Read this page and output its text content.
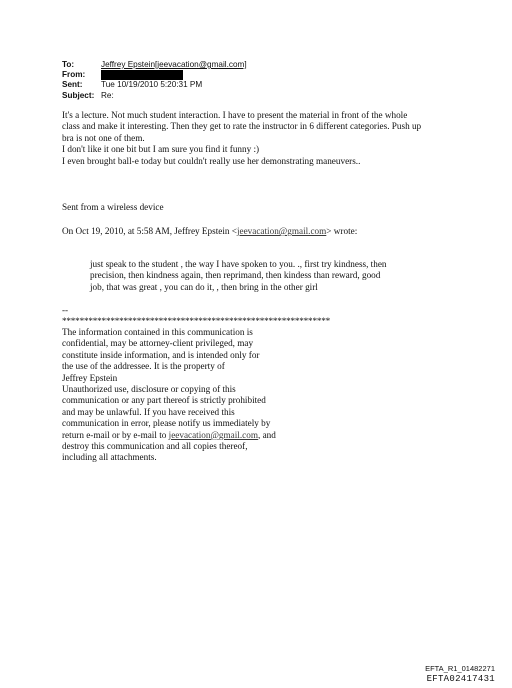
To:	Jeffrey Epstein[jeevacation@gmail.com]
From:
Sent:	Tue 10/19/2010 5:20:31 PM
Subject: Re:
It's a lecture. Not much student interaction. I have to present the material in front of the whole
class and make it interesting. Then they get to rate the instructor in 6 different categories. Push up
bra is not one of them.
I don't like it one bit but I am sure you find it funny :)
I even brought ball-e today but couldn't really use her demonstrating maneuvers..
Sent from a wireless device
On Oct 19, 2010, at 5:58 AM, Jeffrey Epstein <jeevacation@gmail.com> wrote:
just speak to the student , the way I have spoken to you. ., first try kindness, then
precision, then kindness again, then reprimand, then kindess than reward, good
job, that was great , you can do it, , then bring in the other girl
--
*************************************************************
The information contained in this communication is
confidential, may be attorney-client privileged, may
constitute inside information, and is intended only for
the use of the addressee. It is the property of
Jeffrey Epstein
Unauthorized use, disclosure or copying of this
communication or any part thereof is strictly prohibited
and may be unlawful. If you have received this
communication in error, please notify us immediately by
return e-mail or by e-mail to jeevacation@gmail.com, and
destroy this communication and all copies thereof,
including all attachments.
EFTA_R1_01482271
EFTA02417431
